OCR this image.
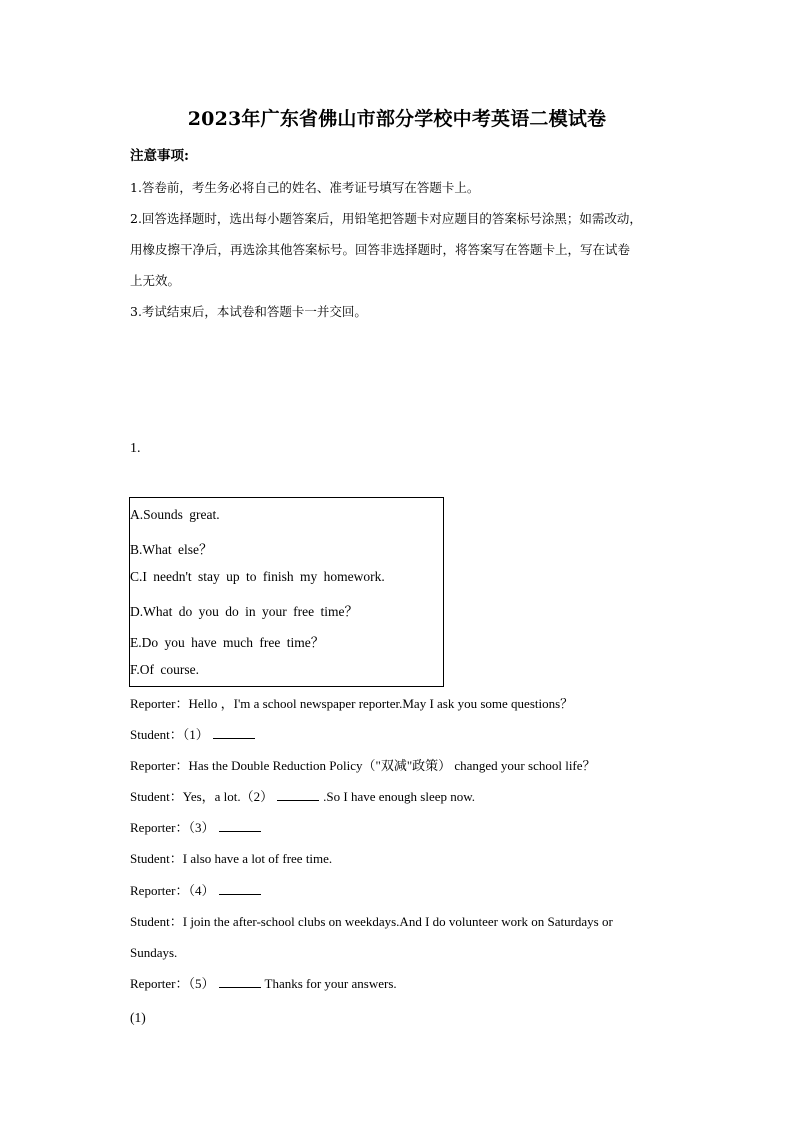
2023年广东省佛山市部分学校中考英语二模试卷
注意事项:
1.答卷前，考生务必将自己的姓名、准考证号填写在答题卡上。
2.回答选择题时，选出每小题答案后，用铅笔把答题卡对应题目的答案标号涂黑；如需改动，
用橡皮擦干净后，再选涂其他答案标号。回答非选择题时，将答案写在答题卡上，写在试卷
上无效。
3.考试结束后，本试卷和答题卡一并交回。
1.
A.Sounds great.
B.What else？
C.I needn't stay up to finish my homework.
D.What do you do in your free time？
E.Do you have much free time？
F.Of course.
Reporter：Hello ，I'm a school newspaper reporter.May I ask you some questions？
Student：（1）
Reporter：Has the Double Reduction Policy（"双减"政策） changed your school life？
Student：Yes，a lot.（2）	.So I have enough sleep now.
Reporter：（3）
Student：I also have a lot of free time.
Reporter：（4）
Student：I join the after-school clubs on weekdays.And I do volunteer work on Saturdays or
Sundays.
Reporter：（5）	Thanks for your answers.
(1)
